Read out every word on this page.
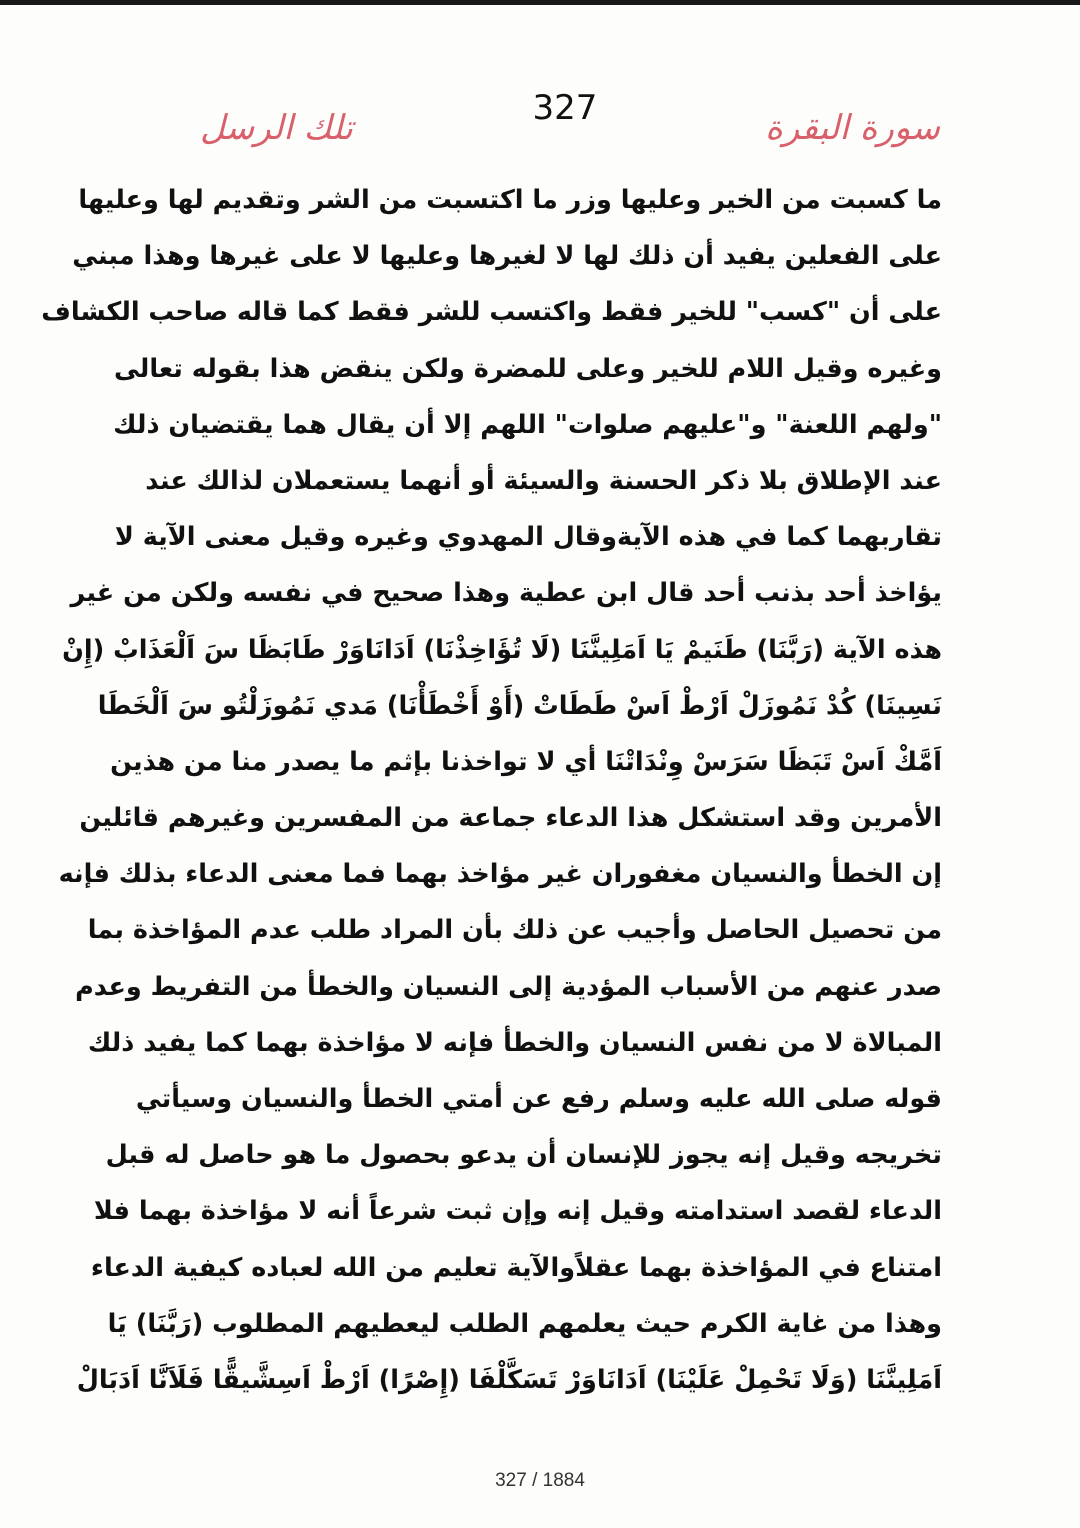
327	سورة البقرة
تلك الرسل
ما كسبت من الخير وعليها وزر ما اكتسبت من الشر وتقديم لها وعليها
على الفعلين يفيد أن ذلك لها لا لغيرها وعليها لا على غيرها وهذا مبني
على أن "كسب" للخير فقط واكتسب للشر فقط كما قاله صاحب الكشاف
وغيره وقيل اللام للخير وعلى للمضرة ولكن ينقض هذا بقوله تعالى
"ولهم اللعنة" و"عليهم صلوات" اللهم إلا أن يقال هما يقتضيان ذلك
عند الإطلاق بلا ذكر الحسنة والسيئة أو أنهما يستعملان لذالك عند
تقاربهما كما في هذه الآيةوقال المهدوي وغيره وقيل معنى الآية لا
يؤاخذ أحد بذنب أحد قال ابن عطية وهذا صحيح في نفسه ولكن من غير
هذه الآية (رَبَّنَا) طَنَيمْ يَا اَمَلِينَّنَا (لَا تُؤَاخِذْنَا) اَدَانَاوَرْ طَابَظَا سَ اَلْعَذَابْ (إِنْ
نَسِينَا) كُدْ نَمُوزَلْ اَرْطْ اَسْ طَطَاتْ (أَوْ أَخْطَأْنَا) مَدي نَمُوزَلْتُو سَ اَلْخَطَا
اَمَّكْ اَسْ تَبَظَا سَرَسْ وِنْدَاتْنَا أي لا تواخذنا بإثم ما يصدر منا من هذين
الأمرين وقد استشكل هذا الدعاء جماعة من المفسرين وغيرهم قائلين
إن الخطأ والنسيان مغفوران غير مؤاخذ بهما فما معنى الدعاء بذلك فإنه
من تحصيل الحاصل وأجيب عن ذلك بأن المراد طلب عدم المؤاخذة بما
صدر عنهم من الأسباب المؤدية إلى النسيان والخطأ من التفريط وعدم
المبالاة لا من نفس النسيان والخطأ فإنه لا مؤاخذة بهما كما يفيد ذلك
قوله صلى الله عليه وسلم رفع عن أمتي الخطأ والنسيان وسيأتي
تخريجه وقيل إنه يجوز للإنسان أن يدعو بحصول ما هو حاصل له قبل
الدعاء لقصد استدامته وقيل إنه وإن ثبت شرعاً أنه لا مؤاخذة بهما فلا
امتناع في المؤاخذة بهما عقلاًوالآية تعليم من الله لعباده كيفية الدعاء
وهذا من غاية الكرم حيث يعلمهم الطلب ليعطيهم المطلوب (رَبَّنَا) يَا
اَمَلِينَّنَا (وَلَا تَحْمِلْ عَلَيْنَا) اَدَانَاوَرْ تَسَكَّلْفَا (إِصْرًا) اَرْطْ اَسِشَّيقًّا فَلَاَنَّا اَدَبَالْ
327 / 1884
